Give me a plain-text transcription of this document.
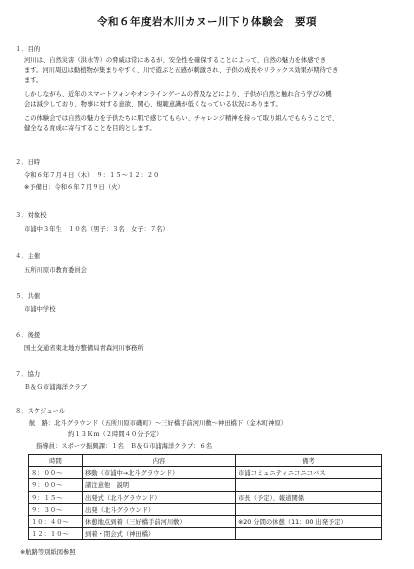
令和６年度岩木川カヌー川下り体験会　要項
１．目的
河川は、自然災害（洪水等）の脅威は常にあるが、安全性を確保することによって、自然の魅力を体感でき
ます。河川周辺は動植物が集まりやすく、川で遊ぶと五感が刺激され、子供の成長やリラックス効果が期待でき
ます。
しかしながら、近年のスマートフォンやオンラインゲームの普及などにより、子供が自然と触れ合う学びの機
会は減少しており、物事に対する意欲、関心、規範意識が低くなっている状況にあります。
この体験会では自然の魅力を子供たちに肌で感じてもらい、チャレンジ精神を持って取り組んでもらうことで、
健全なる育成に寄与することを目的とします。
２．日時
令和６年７月４日（木）　９：１５～１２：２０
※予備日：令和６年７月９日（火）
３．対象校
市浦中３年生　１０名（男子：３名　女子：７名）
４．主催
五所川原市教育委員会
５．共催
市浦中学校
６．後援
国土交通省東北地方整備局青森河川事務所
７．協力
Ｂ＆Ｇ市浦海洋クラブ
８．スケジュール
航　路：北斗グラウンド（五所川原市磯町）～三好橋手前河川敷～神田橋下（金木町神原）
約１３Ｋｍ（２時間４０分予定）
指導員：スポーツ振興課：１名　Ｂ＆Ｇ市浦海洋クラブ：６名
時間	内容	備考
８：００～	移動（市浦中→北斗グラウンド）	市浦コミュニティニコニコバス
９：００～	諸注意他　説明	
９：１５～	出発式（北斗グラウンド）	市長（予定）、報道関係
９：３０～	出発（北斗グラウンド）	
１０：４０～	休憩地点到着（三好橋手前河川敷）	※20 分間の休憩（11：00 出発予定）
１２：１０～	到着・閉会式（神田橋）	
※航路等別紙図参照
